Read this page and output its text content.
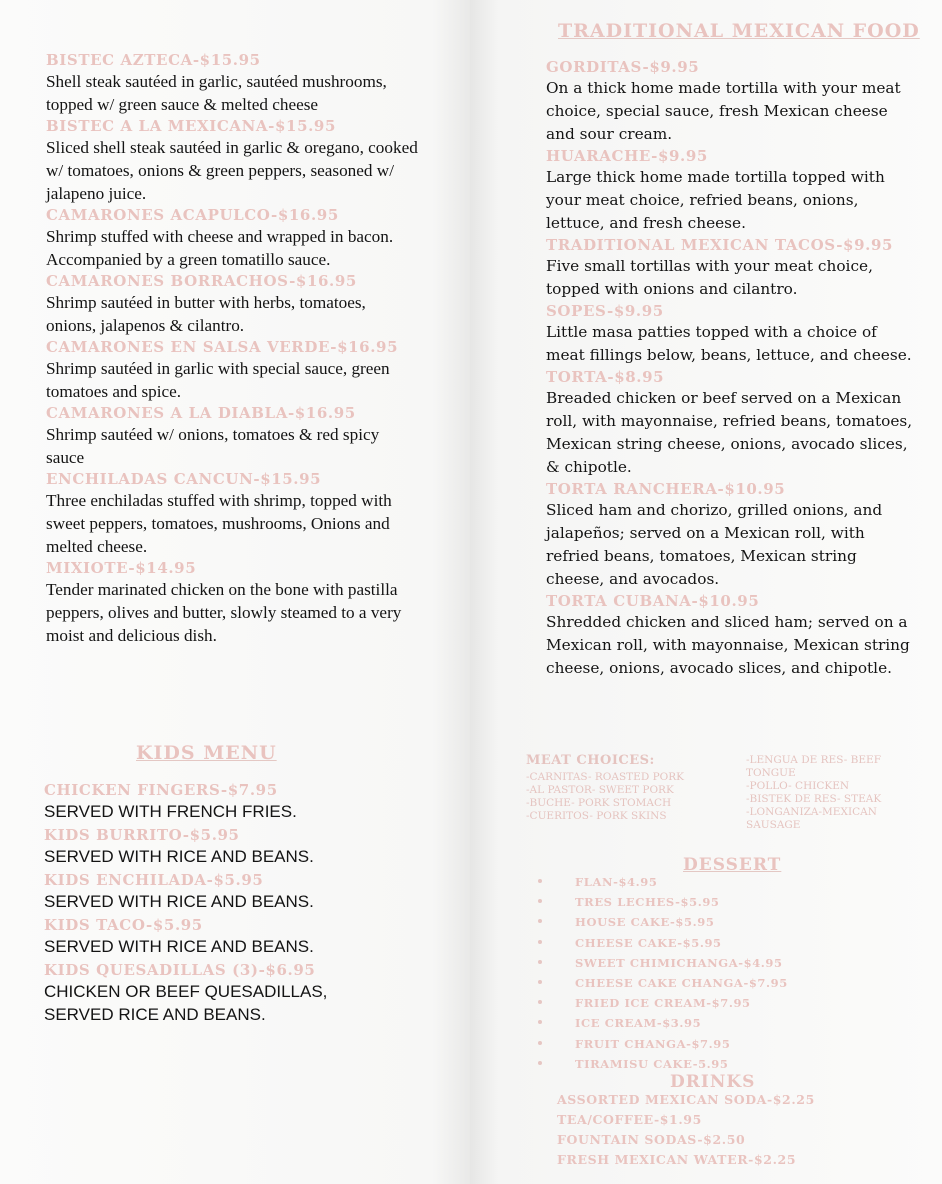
BISTEC AZTECA-$15.95

Shell steak sautéed in garlic, sautéed mushrooms, topped w/ green sauce & melted cheese

BISTEC A LA MEXICANA-$15.95

Sliced shell steak sautéed in garlic & oregano, cooked w/ tomatoes, onions & green peppers, seasoned w/ jalapeno juice.

CAMARONES ACAPULCO-$16.95

Shrimp stuffed with cheese and wrapped in bacon. Accompanied by a green tomatillo sauce.

CAMARONES BORRACHOS-$16.95

Shrimp sautéed in butter with herbs, tomatoes, onions, jalapenos & cilantro.

CAMARONES EN SALSA VERDE-$16.95

Shrimp sautéed in garlic with special sauce, green tomatoes and spice.

CAMARONES A LA DIABLA-$16.95

Shrimp sautéed w/ onions, tomatoes & red spicy sauce

ENCHILADAS CANCUN-$15.95

Three enchiladas stuffed with shrimp, topped with sweet peppers, tomatoes, mushrooms, Onions and melted cheese.

MIXIOTE-$14.95

Tender marinated chicken on the bone with pastilla peppers, olives and butter, slowly steamed to a very moist and delicious dish.

KIDS MENU

CHICKEN FINGERS-$7.95

SERVED WITH FRENCH FRIES.

KIDS BURRITO-$5.95

SERVED WITH RICE AND BEANS.

KIDS ENCHILADA-$5.95

SERVED WITH RICE AND BEANS.

KIDS TACO-$5.95

SERVED WITH RICE AND BEANS.

KIDS QUESADILLAS (3)-$6.95

CHICKEN OR BEEF QUESADILLAS, SERVED RICE AND BEANS.

TRADITIONAL MEXICAN FOOD

GORDITAS-$9.95

On a thick home made tortilla with your meat choice, special sauce, fresh Mexican cheese and sour cream.

HUARACHE-$9.95

Large thick home made tortilla topped with your meat choice, refried beans, onions, lettuce, and fresh cheese.

TRADITIONAL MEXICAN TACOS-$9.95

Five small tortillas with your meat choice, topped with onions and cilantro.

SOPES-$9.95

Little masa patties topped with a choice of meat fillings below, beans, lettuce, and cheese.

TORTA-$8.95

Breaded chicken or beef served on a Mexican roll, with mayonnaise, refried beans, tomatoes, Mexican string cheese, onions, avocado slices, & chipotle.

TORTA RANCHERA-$10.95

Sliced ham and chorizo, grilled onions, and jalapeños; served on a Mexican roll, with refried beans, tomatoes, Mexican string cheese, and avocados.

TORTA CUBANA-$10.95

Shredded chicken and sliced ham; served on a Mexican roll, with mayonnaise, Mexican string cheese, onions, avocado slices, and chipotle.

MEAT CHOICES:

-CARNITAS- ROASTED PORK

-AL PASTOR- SWEET PORK

-BUCHE- PORK STOMACH

-CUERITOS- PORK SKINS

-LENGUA DE RES- BEEF

TONGUE

-POLLO- CHICKEN

-BISTEK DE RES- STEAK

-LONGANIZA-MEXICAN

SAUSAGE

DESSERT
FLAN-$4.95
TRES LECHES-$5.95
HOUSE CAKE-$5.95
CHEESE CAKE-$5.95
SWEET CHIMICHANGA-$4.95
CHEESE CAKE CHANGA-$7.95
FRIED ICE CREAM-$7.95
ICE CREAM-$3.95
FRUIT CHANGA-$7.95
TIRAMISU CAKE-5.95
DRINKS

ASSORTED MEXICAN SODA-$2.25

TEA/COFFEE-$1.95

FOUNTAIN SODAS-$2.50

FRESH MEXICAN WATER-$2.25
